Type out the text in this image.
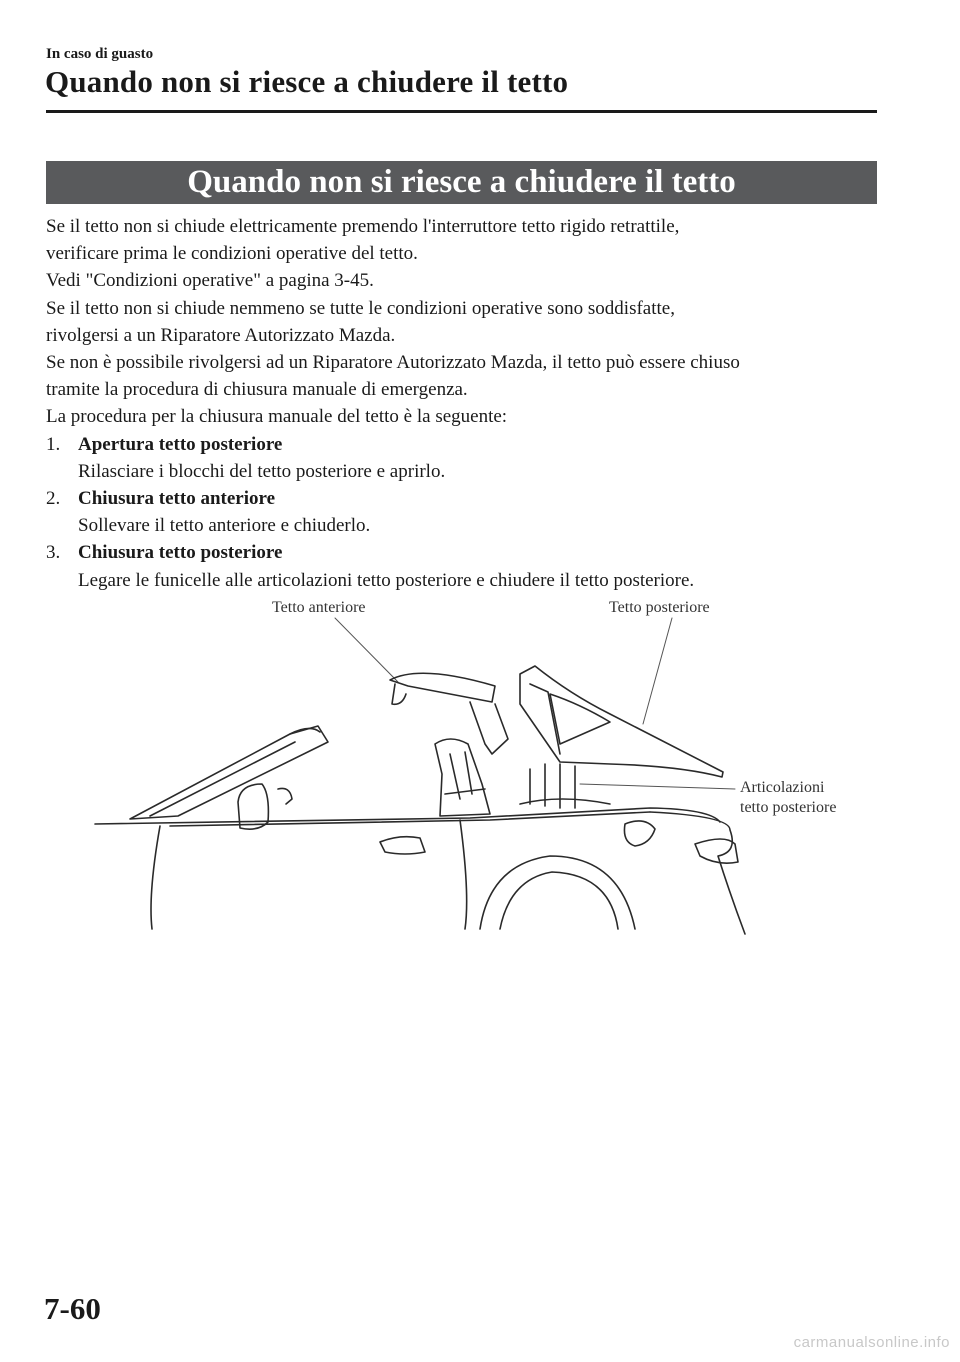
In caso di guasto
Quando non si riesce a chiudere il tetto
Quando non si riesce a chiudere il tetto

Se il tetto non si chiude elettricamente premendo l'interruttore tetto rigido retrattile,

verificare prima le condizioni operative del tetto.

Vedi "Condizioni operative" a pagina 3-45.

Se il tetto non si chiude nemmeno se tutte le condizioni operative sono soddisfatte,

rivolgersi a un Riparatore Autorizzato Mazda.

Se non è possibile rivolgersi ad un Riparatore Autorizzato Mazda, il tetto può essere chiuso

tramite la procedura di chiusura manuale di emergenza.

La procedura per la chiusura manuale del tetto è la seguente:

1. Apertura tetto posteriore
Rilasciare i blocchi del tetto posteriore e aprirlo.
2. Chiusura tetto anteriore
Sollevare il tetto anteriore e chiuderlo.
3. Chiusura tetto posteriore
Legare le funicelle alle articolazioni tetto posteriore e chiudere il tetto posteriore.
Tetto anteriore	Tetto posteriore
Articolazioni
tetto posteriore
7-60
carmanualsonline.info
